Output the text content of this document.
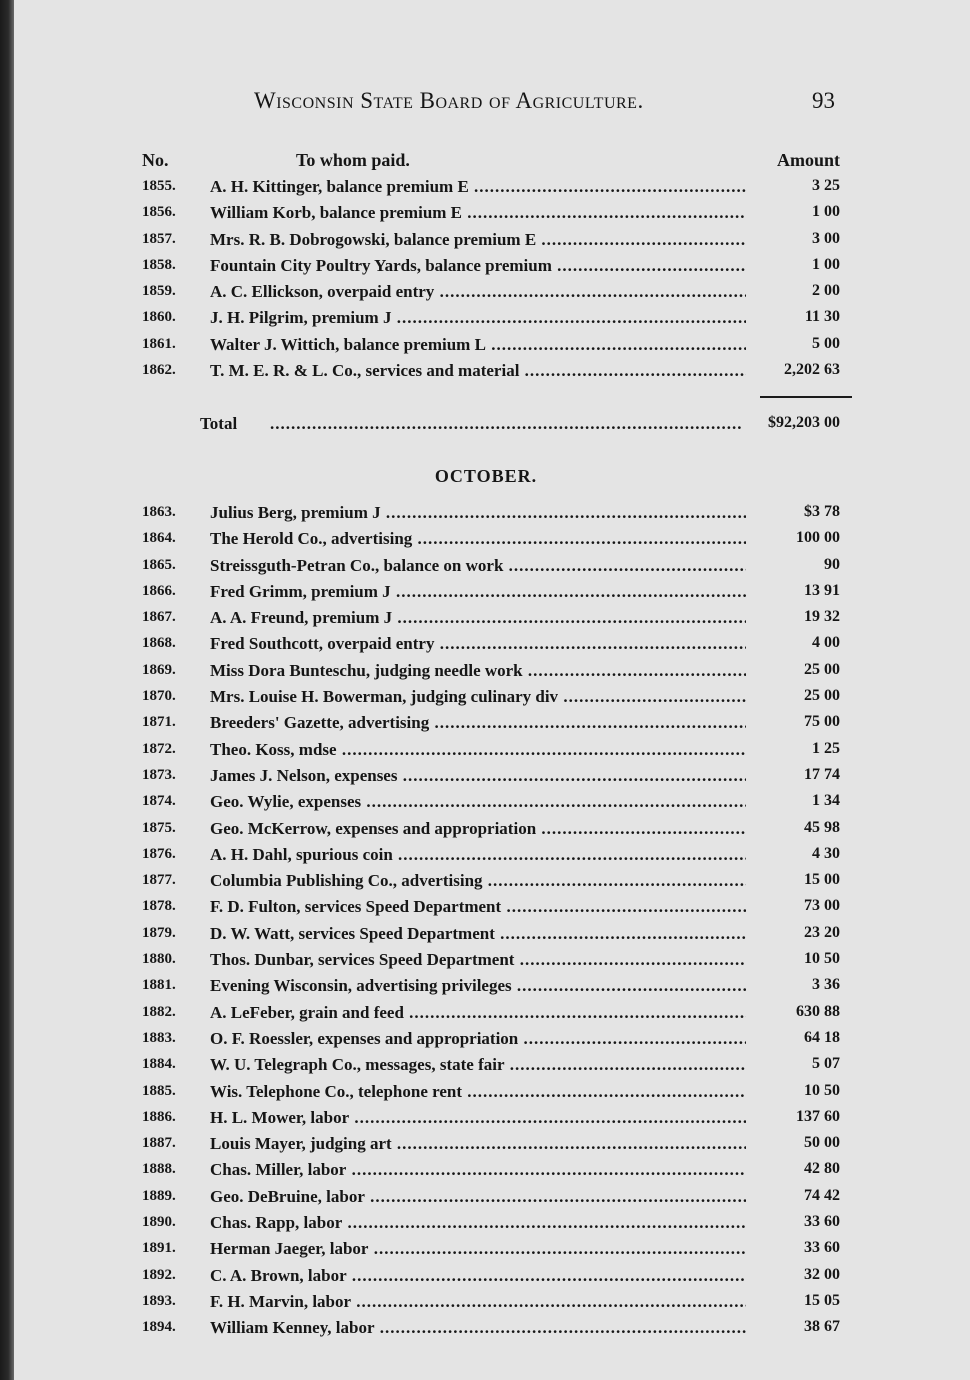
Wisconsin State Board of Agriculture.	93
No.	To whom paid.	Amount
1855. A. H. Kittinger, balance premium E .....	3 25
1856. William Korb, balance premium E .....	1 00
1857. Mrs. R. B. Dobrogowski, balance premium E .....	3 00
1858. Fountain City Poultry Yards, balance premium .....	1 00
1859. A. C. Ellickson, overpaid entry .....	2 00
1860. J. H. Pilgrim, premium J .....	11 30
1861. Walter J. Wittich, balance premium L .....	5 00
1862. T. M. E. R. & L. Co., services and material .....	2,202 63
Total
.....	$92,203 00
OCTOBER.
1863. Julius Berg, premium J .....	$3 78
1864. The Herold Co., advertising .....	100 00
1865. Streissguth-Petran Co., balance on work .....	90
1866. Fred Grimm, premium J .....	13 91
1867. A. A. Freund, premium J .....	19 32
1868. Fred Southcott, overpaid entry .....	4 00
1869. Miss Dora Bunteschu, judging needle work .....	25 00
1870. Mrs. Louise H. Bowerman, judging culinary div .....	25 00
1871. Breeders' Gazette, advertising .....	75 00
1872. Theo. Koss, mdse .....	1 25
1873. James J. Nelson, expenses .....	17 74
1874. Geo. Wylie, expenses .....	1 34
1875. Geo. McKerrow, expenses and appropriation .....	45 98
1876. A. H. Dahl, spurious coin .....	4 30
1877. Columbia Publishing Co., advertising .....	15 00
1878. F. D. Fulton, services Speed Department .....	73 00
1879. D. W. Watt, services Speed Department .....	23 20
1880. Thos. Dunbar, services Speed Department .....	10 50
1881. Evening Wisconsin, advertising privileges .....	3 36
1882. A. LeFeber, grain and feed .....	630 88
1883. O. F. Roessler, expenses and appropriation .....	64 18
1884. W. U. Telegraph Co., messages, state fair .....	5 07
1885. Wis. Telephone Co., telephone rent .....	10 50
1886. H. L. Mower, labor .....	137 60
1887. Louis Mayer, judging art .....	50 00
1888. Chas. Miller, labor .....	42 80
1889. Geo. DeBruine, labor .....	74 42
1890. Chas. Rapp, labor .....	33 60
1891. Herman Jaeger, labor .....	33 60
1892. C. A. Brown, labor .....	32 00
1893. F. H. Marvin, labor .....	15 05
1894. William Kenney, labor .....	38 67
